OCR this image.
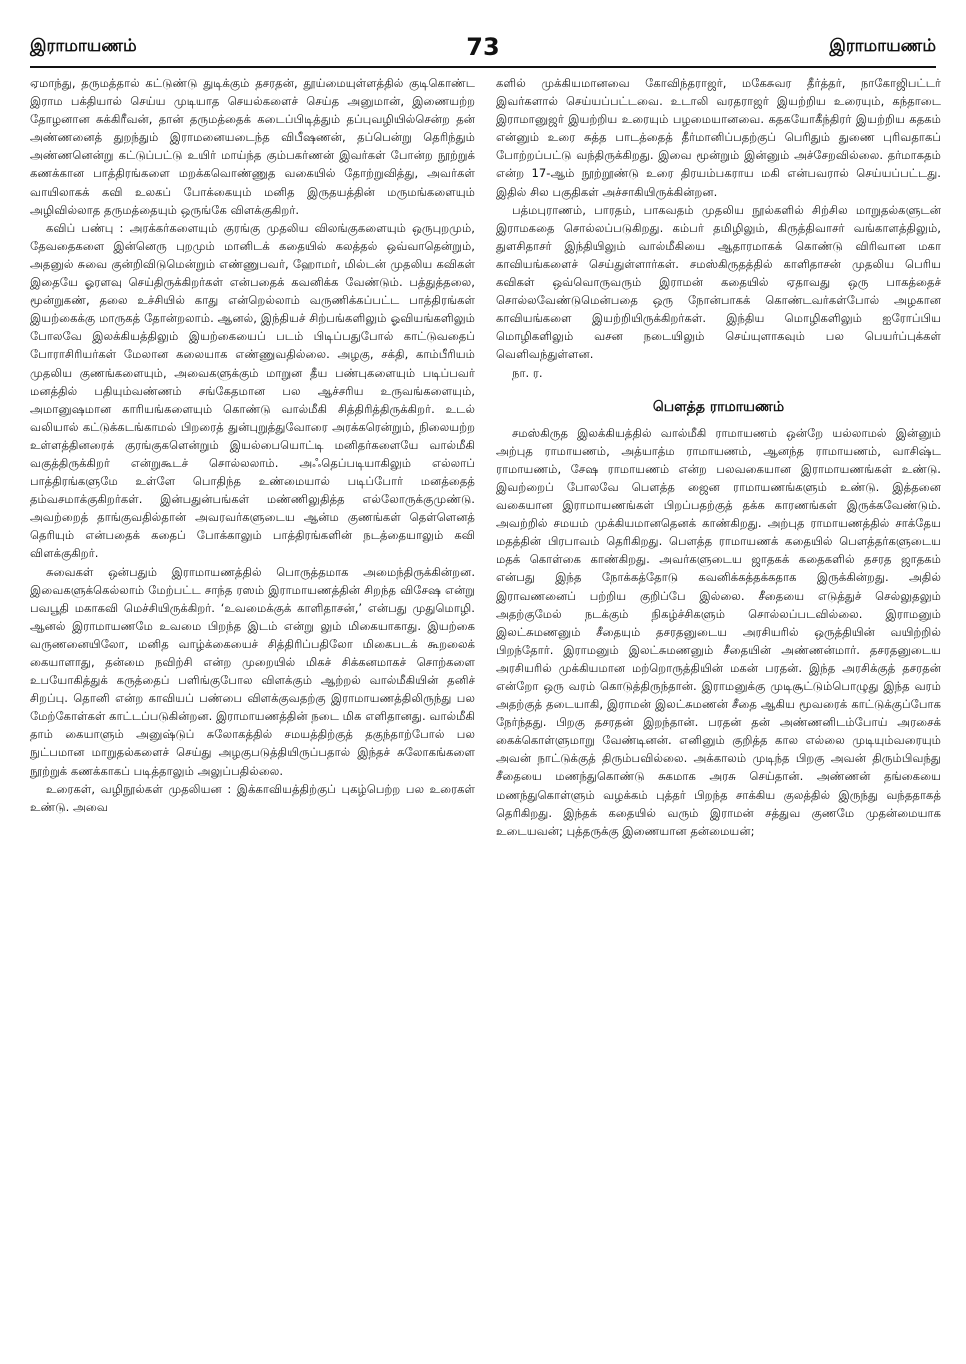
இராமாயணம்	73	இராமாயணம்

ஏமாந்து, தருமத்தால் கட்டுண்டு துடிக்கும் தசரதன், தூய்மையுள்ளத்தில் குடிகொண்ட இராம பக்தியால் செய்ய முடியாத செயல்களைச் செய்த அனுமான், இணையற்ற தோழனான சுக்கிரீவன், தான் தருமத்தைக் கடைப்பிடித்தும் தப்புவழியில்சென்ற தன் அண்ணனைத் துறந்தும் இராமனையடைந்த விபீஷணன், தப்பென்று தெரிந்தும் அண்ணனென்று கட்டுப்பட்டு உயிர் மாய்ந்த கும்பகர்ணன் இவர்கள் போன்ற நூற்றுக் கணக்கான பாத்திரங்களை மறக்கவொண்ணுத வகையில் தோற்றுவித்து, அவர்கள் வாயிலாகக் கவி உலகப் போக்கையும் மனித இருதயத்தின் மருமங்களையும் அழிவில்லாத தருமத்தையும் ஒருங்கே விளக்குகிறர்.

கவிப் பண்பு : அரக்கர்களையும் குரங்கு முதலிய விலங்குகளையும் ஒருபுறமும், தேவதைகளை இன்னெரு புறமும் மானிடக் கதையில் கலத்தல் ஒவ்வாதென்றும், அதனுல் சுவை குன்றிவிடுமென்றும் எண்ணுபவர், ஹோமர், மில்டன் முதலிய கவிகள் இதையே ஓரளவு செய்திருக்கிறர்கள் என்பதைக் கவனிக்க வேண்டும். பத்துத்தலை, மூன்றுகண், தலை உச்சியில் காது என்றெல்லாம் வருணிக்கப்பட்ட பாத்திரங்கள் இயற்கைக்கு மாருகத் தோன்றலாம். ஆனல், இந்தியச் சிற்பங்களிலும் ஓவியங்களிலும் போலவே இலக்கியத்திலும் இயற்கையைப் படம் பிடிப்பதுபோல் காட்டுவதைப் போராசிரியர்கள் மேலான கலையாக எண்ணுவதில்லை. அழகு, சக்தி, காம்பீரியம் முதலிய குணங்களையும், அவைகளுக்கும் மாறுன தீய பண்புகளையும் படிப்பவர் மனத்தில் பதியும்வண்ணம் சங்கேதமான பல ஆச்சரிய உருவங்களையும், அமானுஷமான காரியங்களையும் கொண்டு வால்மீகி சித்திரித்திருக்கிறர். உடல் வலியால் கட்டுக்கடங்காமல் பிறரைத் துன்புறுத்துவோரை அரக்கரென்றும், நிலையற்ற உள்ளத்தினரைக் குரங்குகளென்றும் இயல்பையொட்டி மனிதர்களையே வால்மீகி வகுத்திருக்கிறர் என்றுகூடச் சொல்லலாம். அஃதெப்படியாகிலும் எல்லாப் பாத்திரங்களுமே உள்ளே பொதிந்த உண்மையால் படிப்போர் மனத்தைத் தம்வசமாக்குகிறர்கள். இன்பதுன்பங்கள் மண்ணிலுதித்த எல்லோருக்குமுண்டு. அவற்றைத் தாங்குவதில்தான் அவரவர்களுடைய ஆன்ம குணங்கள் தெள்ளெனத் தெரியும் என்பதைக் கதைப் போக்காலும் பாத்திரங்களின் நடத்தையாலும் கவி விளக்குகிறர்.

சுவைகள் ஒன்பதும் இராமாயணத்தில் பொருத்தமாக அமைந்திருக்கின்றன. இவைகளுக்கெல்லாம் மேற்பட்ட சாந்த ரஸம் இராமாயணத்தின் சிறந்த விசேஷ என்று பவபூதி மகாகவி மெச்சியிருக்கிறர். ‘உவமைக்குக் காளிதாசன்,’ என்பது முதுமொழி. ஆனல் இராமாயணமே உவமை பிறந்த இடம் என்று லும் மிகையாகாது. இயற்கை வருணனையிலோ, மனித வாழ்க்கையைச் சித்திரிப்பதிலோ மிகைபடக் கூறலைக் கையாளாது, தன்மை நவிற்சி என்ற முறையில் மிகச் சிக்கனமாகச் சொற்களை உபயோகித்துக் கருத்தைப் பளிங்குபோல விளக்கும் ஆற்றல் வால்மீகியின் தனிச் சிறப்பு. தொனி என்ற காவியப் பண்பை விளக்குவதற்கு இராமாயணத்திலிருந்து பல மேற்கோள்கள் காட்டப்படுகின்றன. இராமாயணத்தின் நடை மிக எளிதானது. வால்மீகி தாம் கையாளும் அனுஷ்டுப் சுலோகத்தில் சமயத்திற்குத் தகுந்தாற்போல் பல நுட்பமான மாறுதல்களைச் செய்து அழகுபடுத்தியிருப்பதால் இந்தச் சுலோகங்களை நூற்றுக் கணக்காகப் படித்தாலும் அலுப்பதில்லை.

உரைகள், வழிநூல்கள் முதலியன : இக்காவியத்திற்குப் புகழ்பெற்ற பல உரைகள் உண்டு. அவை

களில் முக்கியமானவை கோவிந்தராஜர், மகேசுவர தீர்த்தர், நாகோஜிபட்டர் இவர்களால் செய்யப்பட்டவை. உடாலி வரதராஜர் இயற்றிய உரையும், கந்தாடை இராமானுஜர் இயற்றிய உரையும் பழமையானவை. கதகயோகீந்திரர் இயற்றிய கதகம் என்னும் உரை சுத்த பாடத்தைத் தீர்மானிப்பதற்குப் பெரிதும் துணை புரிவதாகப் போற்றப்பட்டு வந்திருக்கிறது. இவை மூன்றும் இன்னும் அச்சேறவில்லை. தர்மாகதம் என்ற 17-ஆம் நூற்றூண்டு உரை திரயம்பகராய மகி என்பவரால் செய்யப்பட்டது. இதில் சில பகுதிகள் அச்சாகியிருக்கின்றன.

பத்மபுராணம், பாரதம், பாகவதம் முதலிய நூல்களில் சிற்சில மாறுதல்களுடன் இராமகதை சொல்லப்படுகிறது. கம்பர் தமிழிலும், கிருத்திவாசர் வங்காளத்திலும், துளசிதாசர் இந்தியிலும் வால்மீகியை ஆதாரமாகக் கொண்டு விரிவான மகா காவியங்களைச் செய்துள்ளார்கள். சமஸ்கிருதத்தில் காளிதாசன் முதலிய பெரிய கவிகள் ஒவ்வொருவரும் இராமன் கதையில் ஏதாவது ஒரு பாகத்தைச் சொல்லவேண்டுமென்பதை ஒரு நோன்பாகக் கொண்டவர்கள்போல் அழகான காவியங்களை இயற்றியிருக்கிறர்கள். இந்திய மொழிகளிலும் ஐரோப்பிய மொழிகளிலும் வசன நடையிலும் செய்யுளாகவும் பல பெயர்ப்புக்கள் வெளிவந்துள்ளன.

நா. ர.

பௌத்த ராமாயணம்

சமஸ்கிருத இலக்கியத்தில் வால்மீகி ராமாயணம் ஒன்றே யல்லாமல் இன்னும் அற்புத ராமாயணம், அத்யாத்ம ராமாயணம், ஆனந்த ராமாயணம், வாசிஷ்ட ராமாயணம், சேஷ ராமாயணம் என்ற பலவகையான இராமாயணங்கள் உண்டு. இவற்றைப் போலவே பௌத்த ஜைன ராமாயணங்களும் உண்டு. இத்தனை வகையான இராமாயணங்கள் பிறப்பதற்குத் தக்க காரணங்கள் இருக்கவேண்டும். அவற்றில் சமயம் முக்கியமானதெனக் காண்கிறது. அற்புத ராமாயணத்தில் சாக்தேய மதத்தின் பிரபாவம் தெரிகிறது. பௌத்த ராமாயணக் கதையில் பௌத்தர்களுடைய மதக் கொள்கை காண்கிறது. அவர்களுடைய ஜாதகக் கதைகளில் தசரத ஜாதகம் என்பது இந்த நோக்கத்தோடு கவனிக்கத்தக்கதாக இருக்கின்றது. அதில் இராவணனைப் பற்றிய குறிப்பே இல்லை. சீதையை எடுத்துச் செல்லுதலும் அதற்குமேல் நடக்கும் நிகழ்ச்சிகளும் சொல்லப்படவில்லை. இராமனும் இலட்சுமணனும் சீதையும் தசரதனுடைய அரசியரில் ஒருத்தியின் வயிற்றில் பிறந்தோர். இராமனும் இலட்சுமணனும் சீதையின் அண்ணன்மார். தசரதனுடைய அரசியரில் முக்கியமான மற்றொருத்தியின் மகன் பரதன். இந்த அரசிக்குத் தசரதன் என்றோ ஒரு வரம் கொடுத்திருந்தான். இராமனுக்கு முடிசூட்டும்பொழுது இந்த வரம் அதற்குத் தடையாகி, இராமன் இலட்சுமணன் சீதை ஆகிய மூவரைக் காட்டுக்குப்போக நேர்ந்தது. பிறகு தசரதன் இறந்தான். பரதன் தன் அண்ணனிடம்போய் அரசைக் கைக்கொள்ளுமாறு வேண்டினன். எனினும் குறித்த கால எல்லை முடியும்வரையும் அவன் நாட்டுக்குத் திரும்பவில்லை. அக்காலம் முடிந்த பிறகு அவன் திரும்பிவந்து சீதையை மணந்துகொண்டு சுகமாக அரசு செய்தான். அண்ணன் தங்கையை மணந்துகொள்ளும் வழக்கம் புத்தர் பிறந்த சாக்கிய குலத்தில் இருந்து வந்ததாகத் தெரிகிறது. இந்தக் கதையில் வரும் இராமன் சத்துவ குணமே முதன்மையாக உடையவன்; புத்தருக்கு இணையான தன்மையன்;
